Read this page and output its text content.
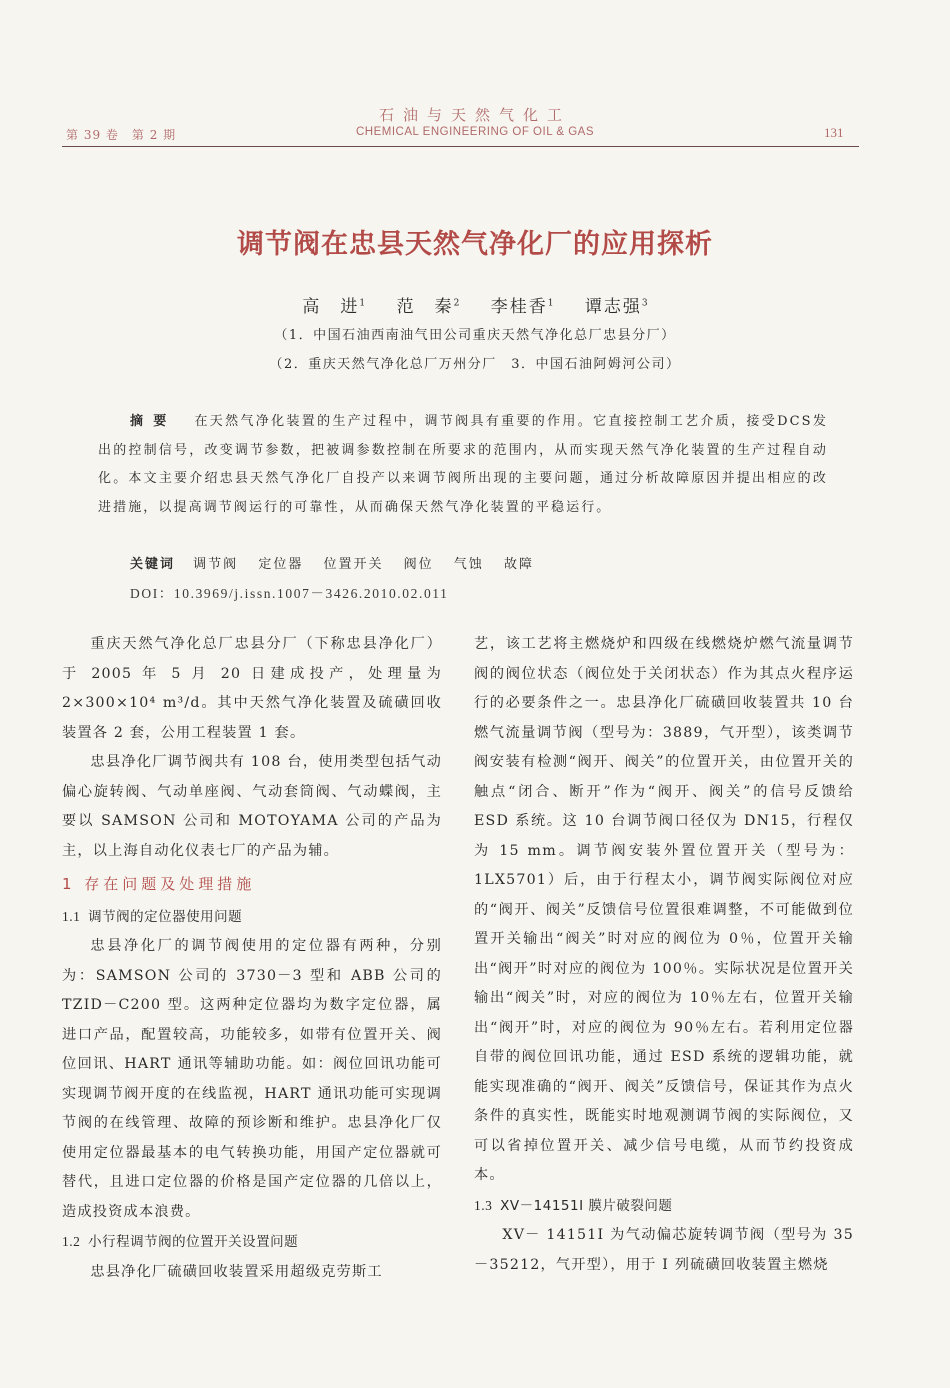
石油与天然气化工
CHEMICAL ENGINEERING OF OIL & GAS
第 39 卷　第 2 期	131
调节阀在忠县天然气净化厂的应用探析
高　进$^1$ 范　秦$^2$ 李桂香$^1$ 谭志强$^3$
（1．中国石油西南油气田公司重庆天然气净化总厂忠县分厂）
（2．重庆天然气净化总厂万州分厂　3．中国石油阿姆河公司）
摘要 在天然气净化装置的生产过程中，调节阀具有重要的作用。它直接控制工艺介质，接受DCS发出的控制信号，改变调节参数，把被调参数控制在所要求的范围内，从而实现天然气净化装置的生产过程自动化。本文主要介绍忠县天然气净化厂自投产以来调节阀所出现的主要问题，通过分析故障原因并提出相应的改进措施，以提高调节阀运行的可靠性，从而确保天然气净化装置的平稳运行。
关键词 调节阀 定位器 位置开关 阀位 气蚀 故障
DOI：10.3969/j.issn.1007－3426.2010.02.011

重庆天然气净化总厂忠县分厂（下称忠县净化厂）于 2005 年 5 月 20 日建成投产，处理量为 2×300×10⁴ m³/d。其中天然气净化装置及硫磺回收装置各 2 套，公用工程装置 1 套。

忠县净化厂调节阀共有 108 台，使用类型包括气动偏心旋转阀、气动单座阀、气动套筒阀、气动蝶阀，主要以 SAMSON 公司和 MOTOYAMA 公司的产品为主，以上海自动化仪表七厂的产品为辅。

1 存在问题及处理措施
1.1 调节阀的定位器使用问题

忠县净化厂的调节阀使用的定位器有两种，分别为：SAMSON 公司的 3730－3 型和 ABB 公司的 TZID－C200 型。这两种定位器均为数字定位器，属进口产品，配置较高，功能较多，如带有位置开关、阀位回讯、HART 通讯等辅助功能。如：阀位回讯功能可实现调节阀开度的在线监视，HART 通讯功能可实现调节阀的在线管理、故障的预诊断和维护。忠县净化厂仅使用定位器最基本的电气转换功能，用国产定位器就可替代，且进口定位器的价格是国产定位器的几倍以上，造成投资成本浪费。

1.2 小行程调节阀的位置开关设置问题

忠县净化厂硫磺回收装置采用超级克劳斯工

艺，该工艺将主燃烧炉和四级在线燃烧炉燃气流量调节阀的阀位状态（阀位处于关闭状态）作为其点火程序运行的必要条件之一。忠县净化厂硫磺回收装置共 10 台燃气流量调节阀（型号为：3889，气开型），该类调节阀安装有检测“阀开、阀关”的位置开关，由位置开关的触点“闭合、断开”作为“阀开、阀关”的信号反馈给 ESD 系统。这 10 台调节阀口径仅为 DN15，行程仅为 15 mm。调节阀安装外置位置开关（型号为：1LX5701）后，由于行程太小，调节阀实际阀位对应的“阀开、阀关”反馈信号位置很难调整，不可能做到位置开关输出“阀关”时对应的阀位为 0％，位置开关输出“阀开”时对应的阀位为 100％。实际状况是位置开关输出“阀关”时，对应的阀位为 10％左右，位置开关输出“阀开”时，对应的阀位为 90％左右。若利用定位器自带的阀位回讯功能，通过 ESD 系统的逻辑功能，就能实现准确的“阀开、阀关”反馈信号，保证其作为点火条件的真实性，既能实时地观测调节阀的实际阀位，又可以省掉位置开关、减少信号电缆，从而节约投资成本。

1.3 XV－14151I 膜片破裂问题

XV－ 14151I 为气动偏芯旋转调节阀（型号为 35－35212，气开型），用于 I 列硫磺回收装置主燃烧
